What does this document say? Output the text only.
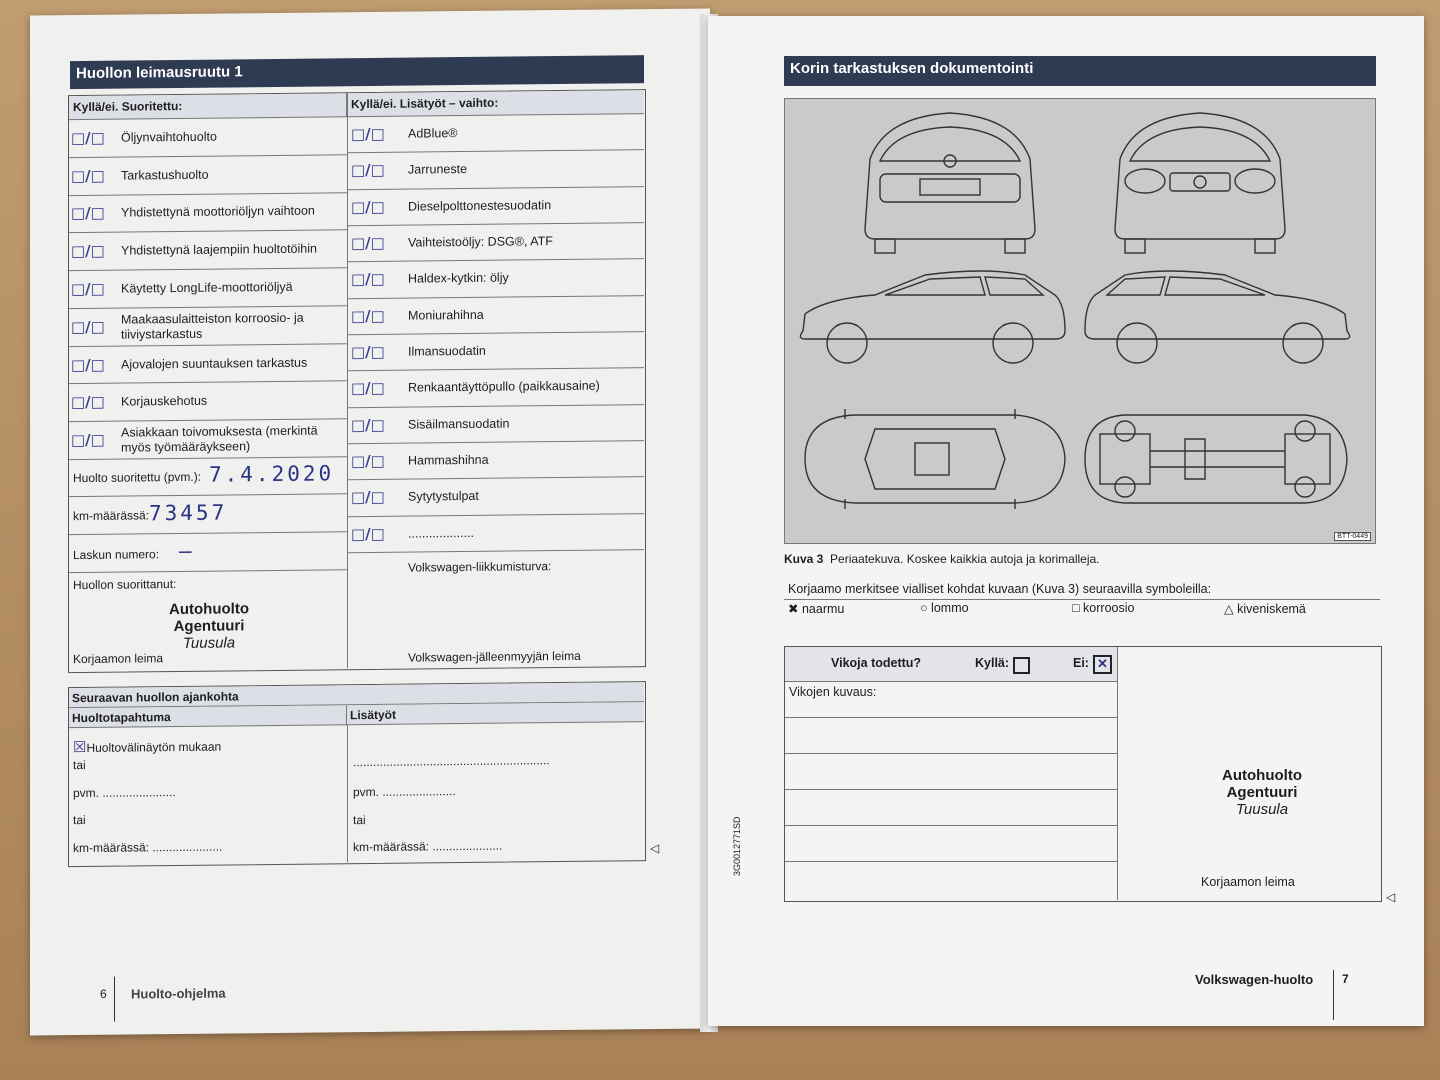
Huollon leimausruutu 1
Kyllä/ei. Suoritettu:	Kyllä/ei. Lisätyöt – vaihto:
□/□ Öljynvaihtohuolto
□/□ Tarkastushuolto
□/□ Yhdistettynä moottoriöljyn vaihtoon
□/□ Yhdistettynä laajempiin huoltotöihin
□/□ Käytetty LongLife-moottoriöljyä
□/□ Maakaasulaitteiston korroosio- ja tiiviystarkastus
□/□ Ajovalojen suuntauksen tarkastus
□/□ Korjauskehotus
□/□ Asiakkaan toivomuksesta (merkintä myös työmääräykseen)
□/□ AdBlue®
□/□ Jarruneste
□/□ Dieselpolttonestesuodatin
□/□ Vaihteistoöljy: DSG®, ATF
□/□ Haldex-kytkin: öljy
□/□ Moniurahihna
□/□ Ilmansuodatin
□/□ Renkaantäyttöpullo (paikkausaine)
□/□ Sisäilmansuodatin
□/□ Hammashihna
□/□ Sytytystulpat
□/□ ...................
Huolto suoritettu (pvm.): 7.4.2020
km-määrässä: 73457
Laskun numero: —
Huollon suorittanut:
Autohuolto
Agentuuri
Tuusula
Korjaamon leima
Volkswagen-liikkumisturva:
Volkswagen-jälleenmyyjän leima
Seuraavan huollon ajankohta
Huoltotapahtuma	Lisätyöt
☒Huoltovälinäytön mukaan
tai
pvm. ......................
tai
km-määrässä: .....................
...........................................................
pvm. ......................
tai
km-määrässä: .....................	◁
6 Huolto-ohjelma
Korin tarkastuksen dokumentointi
BTT-0449
Kuva 3 Periaatekuva. Koskee kaikkia autoja ja korimalleja.
Korjaamo merkitsee vialliset kohdat kuvaan (Kuva 3) seuraavilla symboleilla:
✖ naarmu	○ lommo	□ korroosio	△ kiveniskemä
Vikoja todettu?	Kyllä:	Ei: ✕
Vikojen kuvaus:
Autohuolto
Agentuuri
Tuusula
Korjaamon leima
◁
3G0012771SD
Volkswagen-huolto 7
